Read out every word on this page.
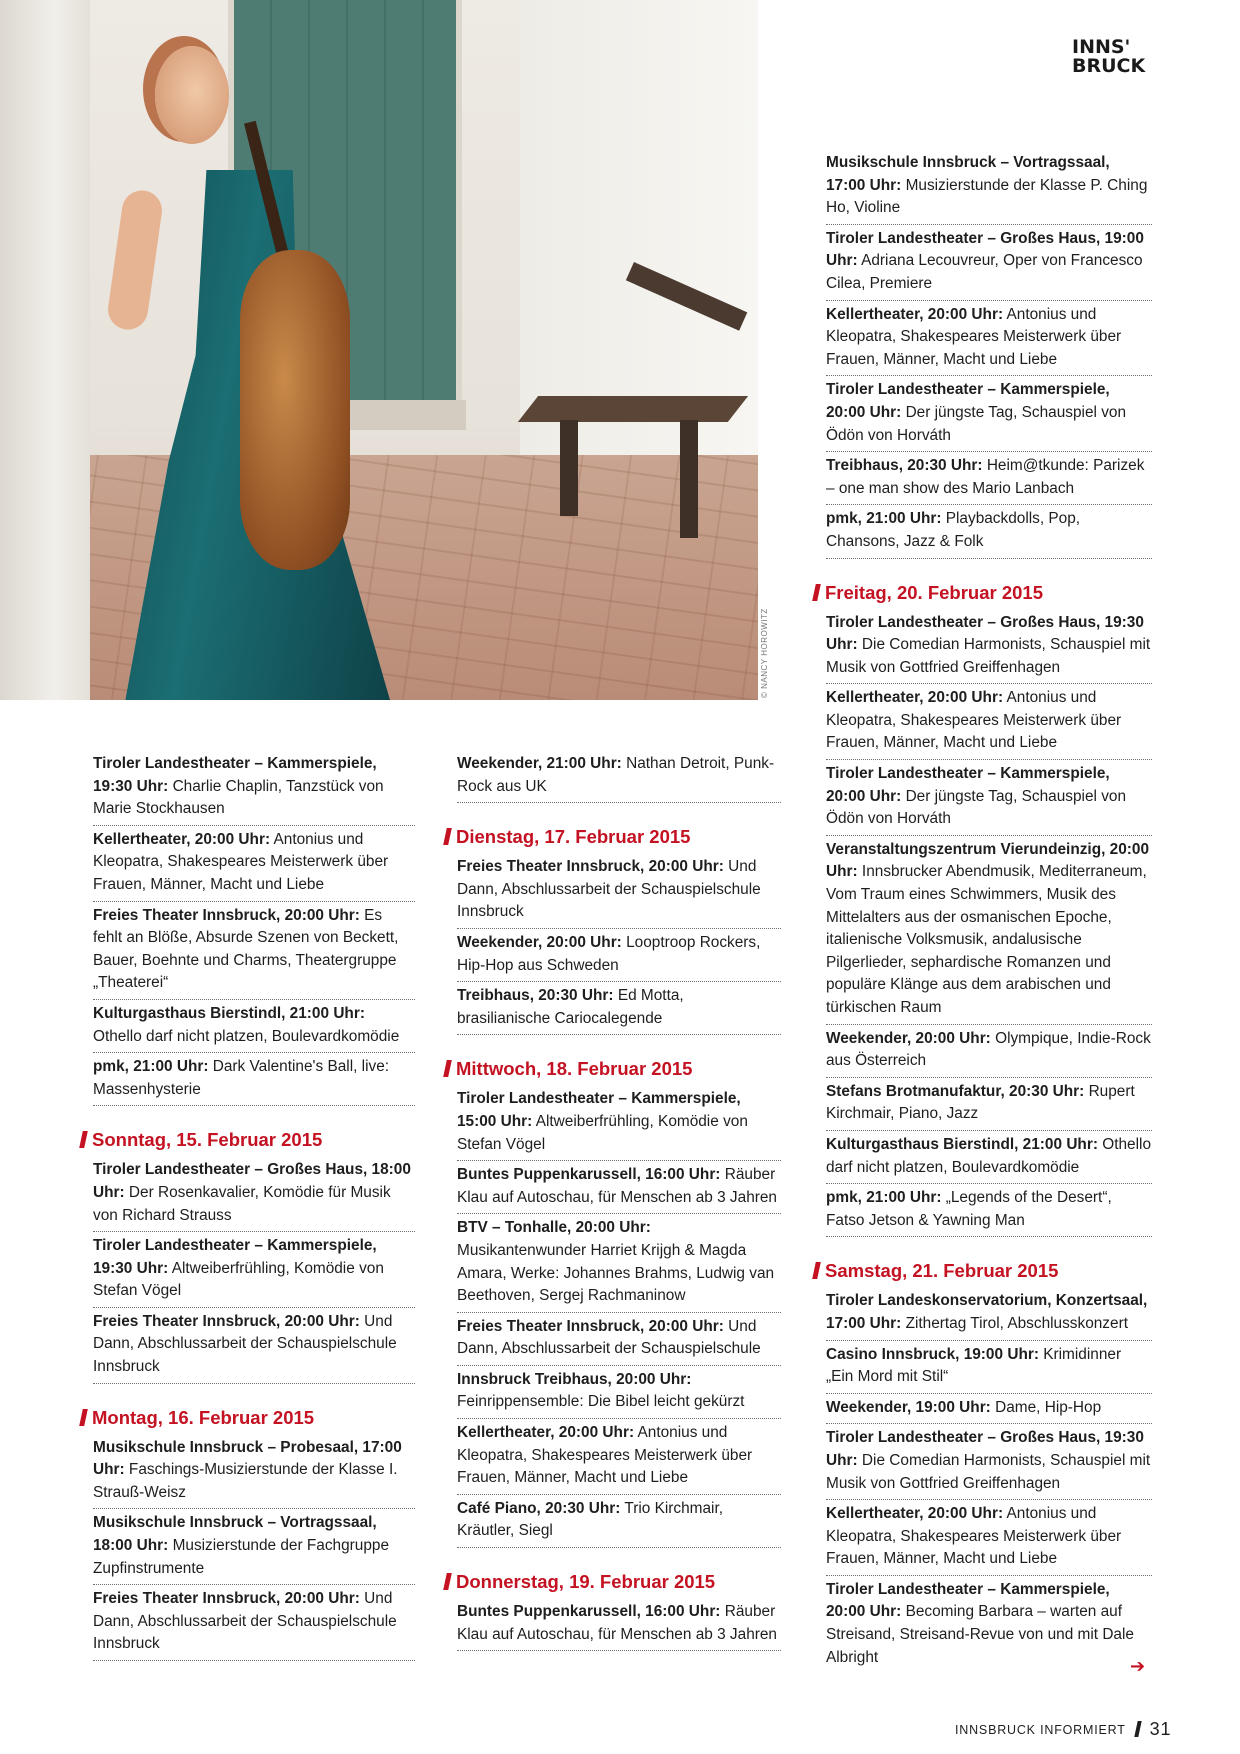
© NANCY HOROWITZ
INNS'
BRUCK
Tiroler Landestheater – Kammerspiele, 19:30 Uhr: Charlie Chaplin, Tanzstück von Marie Stockhausen
Kellertheater, 20:00 Uhr: Antonius und Kleopatra, Shakespeares Meisterwerk über Frauen, Männer, Macht und Liebe
Freies Theater Innsbruck, 20:00 Uhr: Es fehlt an Blöße, Absurde Szenen von Beckett, Bauer, Boehnte und Charms, Theatergruppe „Theaterei“
Kulturgasthaus Bierstindl, 21:00 Uhr: Othello darf nicht platzen, Boulevardkomödie
pmk, 21:00 Uhr: Dark Valentine's Ball, live: Massenhysterie
Sonntag, 15. Februar 2015
Tiroler Landestheater – Großes Haus, 18:00 Uhr: Der Rosenkavalier, Komödie für Musik von Richard Strauss
Tiroler Landestheater – Kammerspiele, 19:30 Uhr: Altweiberfrühling, Komödie von Stefan Vögel
Freies Theater Innsbruck, 20:00 Uhr: Und Dann, Abschlussarbeit der Schauspielschule Innsbruck
Montag, 16. Februar 2015
Musikschule Innsbruck – Probesaal, 17:00 Uhr: Faschings-Musizierstunde der Klasse I. Strauß-Weisz
Musikschule Innsbruck – Vortragssaal, 18:00 Uhr: Musizierstunde der Fachgruppe Zupfinstrumente
Freies Theater Innsbruck, 20:00 Uhr: Und Dann, Abschlussarbeit der Schauspielschule Innsbruck
Weekender, 21:00 Uhr: Nathan Detroit, Punk-Rock aus UK
Dienstag, 17. Februar 2015
Freies Theater Innsbruck, 20:00 Uhr: Und Dann, Abschlussarbeit der Schauspielschule Innsbruck
Weekender, 20:00 Uhr: Looptroop Rockers, Hip-Hop aus Schweden
Treibhaus, 20:30 Uhr: Ed Motta, brasilianische Cariocalegende
Mittwoch, 18. Februar 2015
Tiroler Landestheater – Kammerspiele, 15:00 Uhr: Altweiberfrühling, Komödie von Stefan Vögel
Buntes Puppenkarussell, 16:00 Uhr: Räuber Klau auf Autoschau, für Menschen ab 3 Jahren
BTV – Tonhalle, 20:00 Uhr: Musikantenwunder Harriet Krijgh & Magda Amara, Werke: Johannes Brahms, Ludwig van Beethoven, Sergej Rachmaninow
Freies Theater Innsbruck, 20:00 Uhr: Und Dann, Abschlussarbeit der Schauspielschule
Innsbruck Treibhaus, 20:00 Uhr: Feinrippensemble: Die Bibel leicht gekürzt
Kellertheater, 20:00 Uhr: Antonius und Kleopatra, Shakespeares Meisterwerk über Frauen, Männer, Macht und Liebe
Café Piano, 20:30 Uhr: Trio Kirchmair, Kräutler, Siegl
Donnerstag, 19. Februar 2015
Buntes Puppenkarussell, 16:00 Uhr: Räuber Klau auf Autoschau, für Menschen ab 3 Jahren
Musikschule Innsbruck – Vortragssaal, 17:00 Uhr: Musizierstunde der Klasse P. Ching Ho, Violine
Tiroler Landestheater – Großes Haus, 19:00 Uhr: Adriana Lecouvreur, Oper von Francesco Cilea, Premiere
Kellertheater, 20:00 Uhr: Antonius und Kleopatra, Shakespeares Meisterwerk über Frauen, Männer, Macht und Liebe
Tiroler Landestheater – Kammerspiele, 20:00 Uhr: Der jüngste Tag, Schauspiel von Ödön von Horváth
Treibhaus, 20:30 Uhr: Heim@tkunde: Parizek – one man show des Mario Lanbach
pmk, 21:00 Uhr: Playbackdolls, Pop, Chansons, Jazz & Folk
Freitag, 20. Februar 2015
Tiroler Landestheater – Großes Haus, 19:30 Uhr: Die Comedian Harmonists, Schauspiel mit Musik von Gottfried Greiffenhagen
Kellertheater, 20:00 Uhr: Antonius und Kleopatra, Shakespeares Meisterwerk über Frauen, Männer, Macht und Liebe
Tiroler Landestheater – Kammerspiele, 20:00 Uhr: Der jüngste Tag, Schauspiel von Ödön von Horváth
Veranstaltungszentrum Vierundeinzig, 20:00 Uhr: Innsbrucker Abendmusik, Mediterraneum, Vom Traum eines Schwimmers, Musik des Mittelalters aus der osmanischen Epoche, italienische Volksmusik, andalusische Pilgerlieder, sephardische Romanzen und populäre Klänge aus dem arabischen und türkischen Raum
Weekender, 20:00 Uhr: Olympique, Indie-Rock aus Österreich
Stefans Brotmanufaktur, 20:30 Uhr: Rupert Kirchmair, Piano, Jazz
Kulturgasthaus Bierstindl, 21:00 Uhr: Othello darf nicht platzen, Boulevardkomödie
pmk, 21:00 Uhr: „Legends of the Desert“, Fatso Jetson & Yawning Man
Samstag, 21. Februar 2015
Tiroler Landeskonservatorium, Konzertsaal, 17:00 Uhr: Zithertag Tirol, Abschlusskonzert
Casino Innsbruck, 19:00 Uhr: Krimidinner „Ein Mord mit Stil“
Weekender, 19:00 Uhr: Dame, Hip-Hop
Tiroler Landestheater – Großes Haus, 19:30 Uhr: Die Comedian Harmonists, Schauspiel mit Musik von Gottfried Greiffenhagen
Kellertheater, 20:00 Uhr: Antonius und Kleopatra, Shakespeares Meisterwerk über Frauen, Männer, Macht und Liebe
Tiroler Landestheater – Kammerspiele, 20:00 Uhr: Becoming Barbara – warten auf Streisand, Streisand-Revue von und mit Dale Albright	➔
INNSBRUCK INFORMIERT 31
